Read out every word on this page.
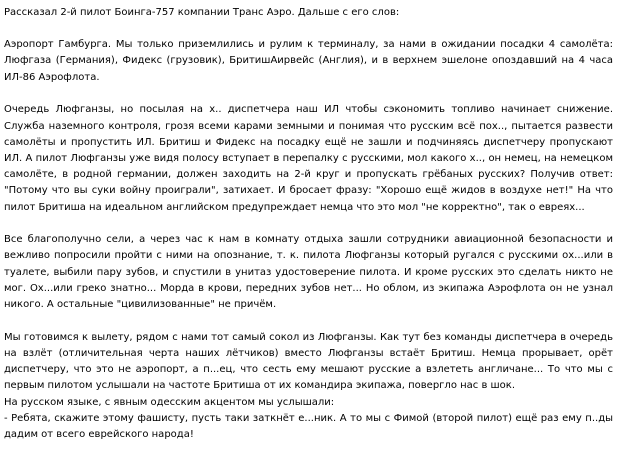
Рассказал 2-й пилот Боинга-757 компании Транс Аэро. Дальше с его слов:

Аэропорт Гамбурга. Мы только приземлились и рулим к терминалу, за нами в ожидании посадки 4 самолёта: Люфгаза (Германия), Фидекс (грузовик), БритишАирвейс (Англия), и в верхнем эшелоне опоздавший на 4 часа ИЛ-86 Аэрофлота.

Очередь Люфганзы, но посылая на х.. диспетчера наш ИЛ чтобы сэкономить топливо начинает снижение. Служба наземного контроля, грозя всеми карами земными и понимая что русским всё пох.., пытается развести самолёты и пропустить ИЛ. Бритиш и Фидекс на посадку ещё не зашли и подчиняясь диспетчеру пропускают ИЛ. А пилот Люфганзы уже видя полосу вступает в перепалку с русскими, мол какого х.., он немец, на немецком самолёте, в родной германии, должен заходить на 2-й круг и пропускать грёбаных русских? Получив ответ: "Потому что вы суки войну проиграли", затихает. И бросает фразу: "Хорошо ещё жидов в воздухе нет!" На что пилот Бритиша на идеальном английском предупреждает немца что это мол "не корректно", так о евреях...

Все благополучно сели, а через час к нам в комнату отдыха зашли сотрудники авиационной безопасности и вежливо попросили пройти с ними на опознание, т. к. пилота Люфганзы который ругался с русскими ох...или в туалете, выбили пару зубов, и спустили в унитаз удостоверение пилота. И кроме русских это сделать никто не мог. Ох...или греко знатно... Морда в крови, передних зубов нет... Но облом, из экипажа Аэрофлота он не узнал никого. А остальные "цивилизованные" не причём.

Мы готовимся к вылету, рядом с нами тот самый сокол из Люфганзы. Как тут без команды диспетчера в очередь на взлёт (отличительная черта наших лётчиков) вместо Люфганзы встаёт Бритиш. Немца прорывает, орёт диспетчеру, что это не аэропорт, а п...ец, что сесть ему мешают русские а взлететь англичане... То что мы с первым пилотом услышали на частоте Бритиша от их командира экипажа, повергло нас в шок.

На русском языке, с явным одесским акцентом мы услышали:

- Ребята, скажите этому фашисту, пусть таки заткнёт е...ник. А то мы с Фимой (второй пилот) ещё раз ему п..ды дадим от всего еврейского народа!
